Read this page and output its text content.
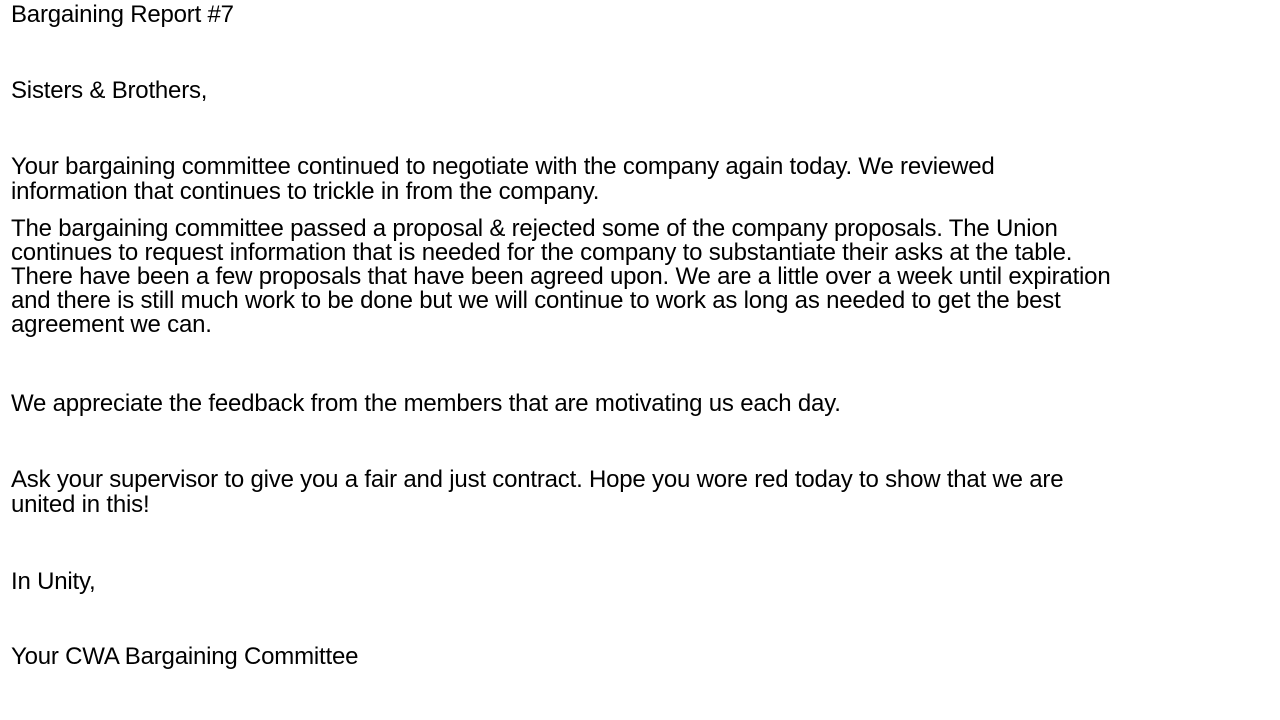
Bargaining Report #7

Sisters & Brothers,

Your bargaining committee continued to negotiate with the company again today. We reviewed

information that continues to trickle in from the company.

The bargaining committee passed a proposal & rejected some of the company proposals. The Union

continues to request information that is needed for the company to substantiate their asks at the table.

There have been a few proposals that have been agreed upon. We are a little over a week until expiration

and there is still much work to be done but we will continue to work as long as needed to get the best

agreement we can.

We appreciate the feedback from the members that are motivating us each day.

Ask your supervisor to give you a fair and just contract. Hope you wore red today to show that we are

united in this!

In Unity,

Your CWA Bargaining Committee
